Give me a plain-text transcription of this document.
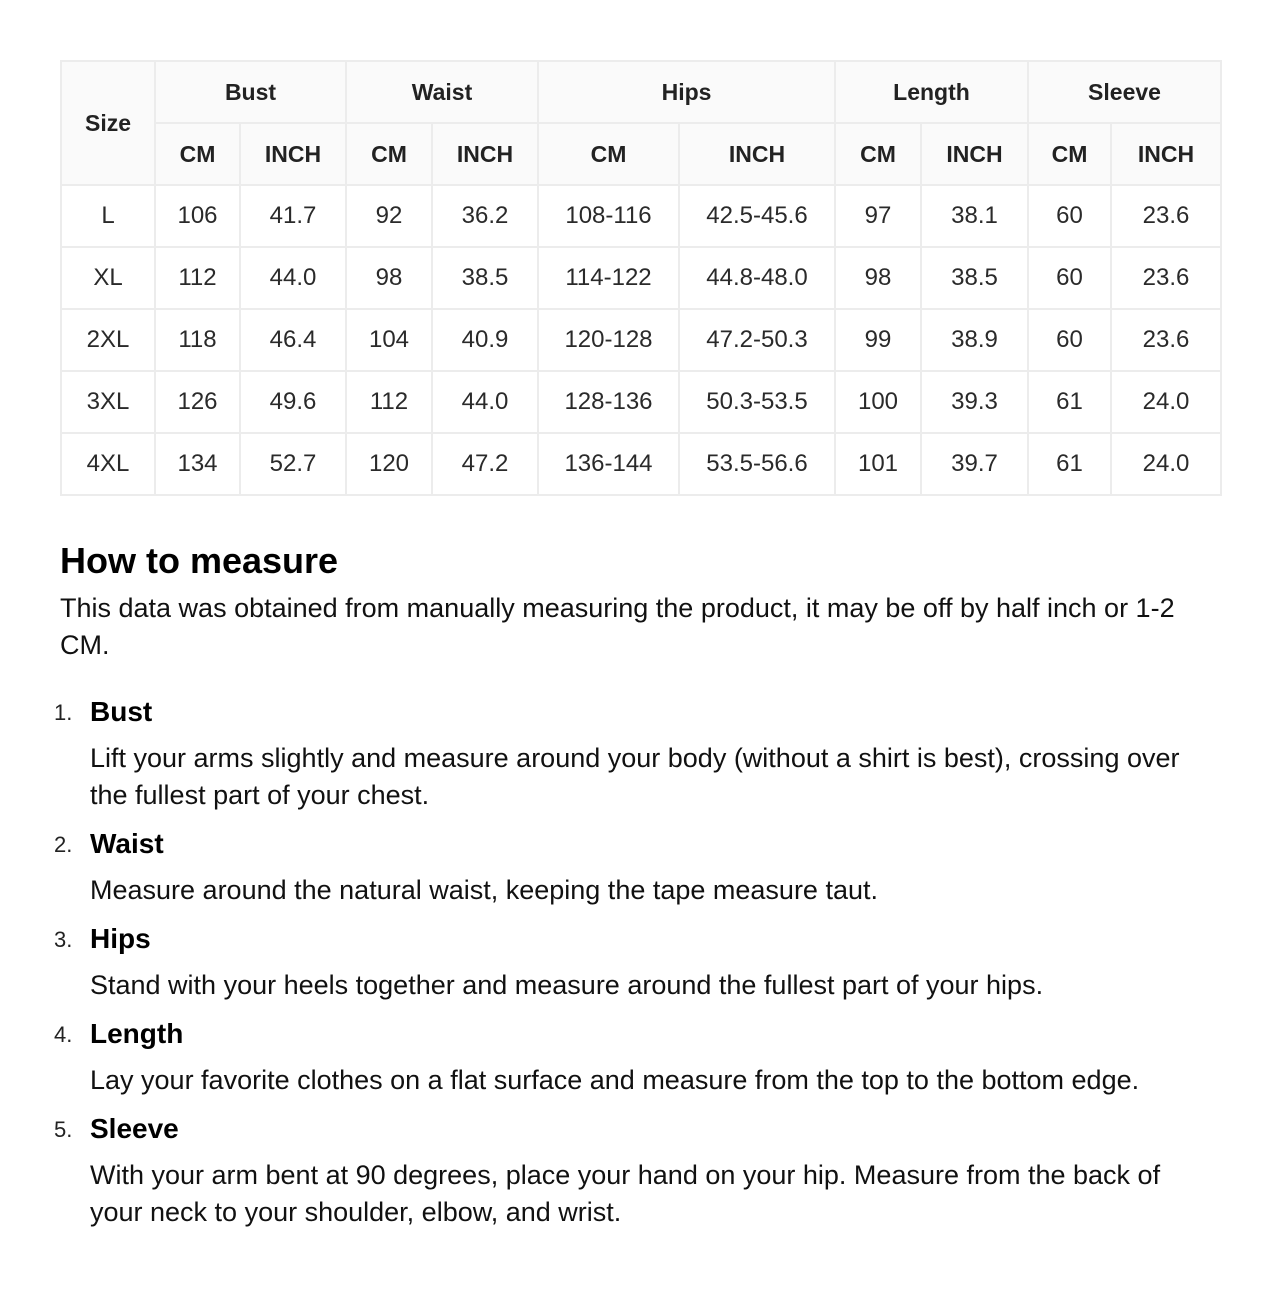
Size	Bust		Waist		Hips		Length		Sleeve	
	CM	INCH	CM	INCH	CM	INCH	CM	INCH	CM	INCH
L	106	41.7	92	36.2	108-116	42.5-45.6	97	38.1	60	23.6
XL	112	44.0	98	38.5	114-122	44.8-48.0	98	38.5	60	23.6
2XL	118	46.4	104	40.9	120-128	47.2-50.3	99	38.9	60	23.6
3XL	126	49.6	112	44.0	128-136	50.3-53.5	100	39.3	61	24.0
4XL	134	52.7	120	47.2	136-144	53.5-56.6	101	39.7	61	24.0
How to measure

This data was obtained from manually measuring the product, it may be off by half inch or 1-2 CM.

1. Bust
Lift your arms slightly and measure around your body (without a shirt is best), crossing over the fullest part of your chest.
2. Waist
Measure around the natural waist, keeping the tape measure taut.
3. Hips
Stand with your heels together and measure around the fullest part of your hips.
4. Length
Lay your favorite clothes on a flat surface and measure from the top to the bottom edge.
5. Sleeve
With your arm bent at 90 degrees, place your hand on your hip. Measure from the back of your neck to your shoulder, elbow, and wrist.
